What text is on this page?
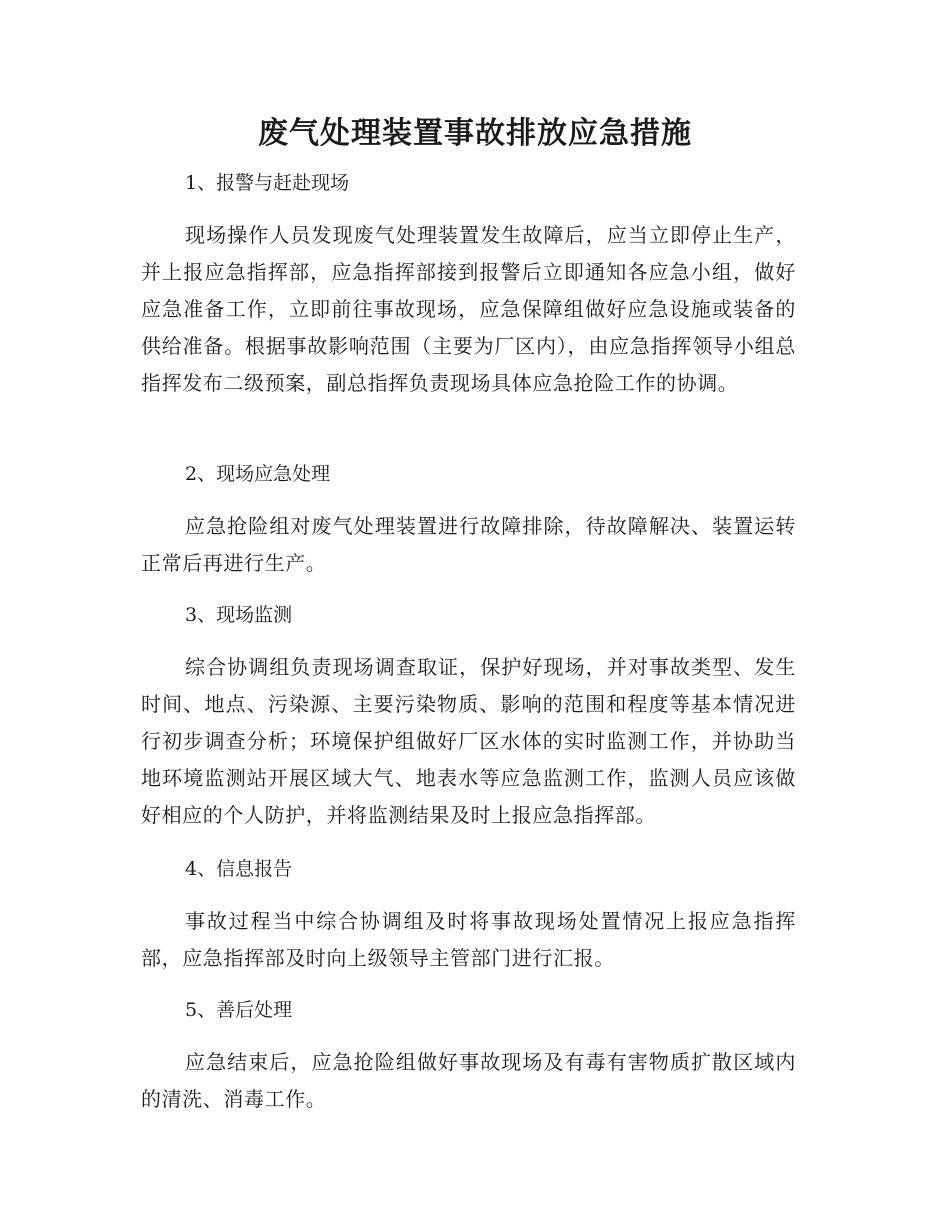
废气处理装置事故排放应急措施
1、报警与赶赴现场

现场操作人员发现废气处理装置发生故障后，应当立即停止生产，并上报应急指挥部，应急指挥部接到报警后立即通知各应急小组，做好应急准备工作，立即前往事故现场，应急保障组做好应急设施或装备的供给准备。根据事故影响范围（主要为厂区内），由应急指挥领导小组总指挥发布二级预案，副总指挥负责现场具体应急抢险工作的协调。

2、现场应急处理

应急抢险组对废气处理装置进行故障排除，待故障解决、装置运转正常后再进行生产。

3、现场监测

综合协调组负责现场调查取证，保护好现场，并对事故类型、发生时间、地点、污染源、主要污染物质、影响的范围和程度等基本情况进行初步调查分析；环境保护组做好厂区水体的实时监测工作，并协助当地环境监测站开展区域大气、地表水等应急监测工作，监测人员应该做好相应的个人防护，并将监测结果及时上报应急指挥部。

4、信息报告

事故过程当中综合协调组及时将事故现场处置情况上报应急指挥部，应急指挥部及时向上级领导主管部门进行汇报。

5、善后处理

应急结束后，应急抢险组做好事故现场及有毒有害物质扩散区域内的清洗、消毒工作。
